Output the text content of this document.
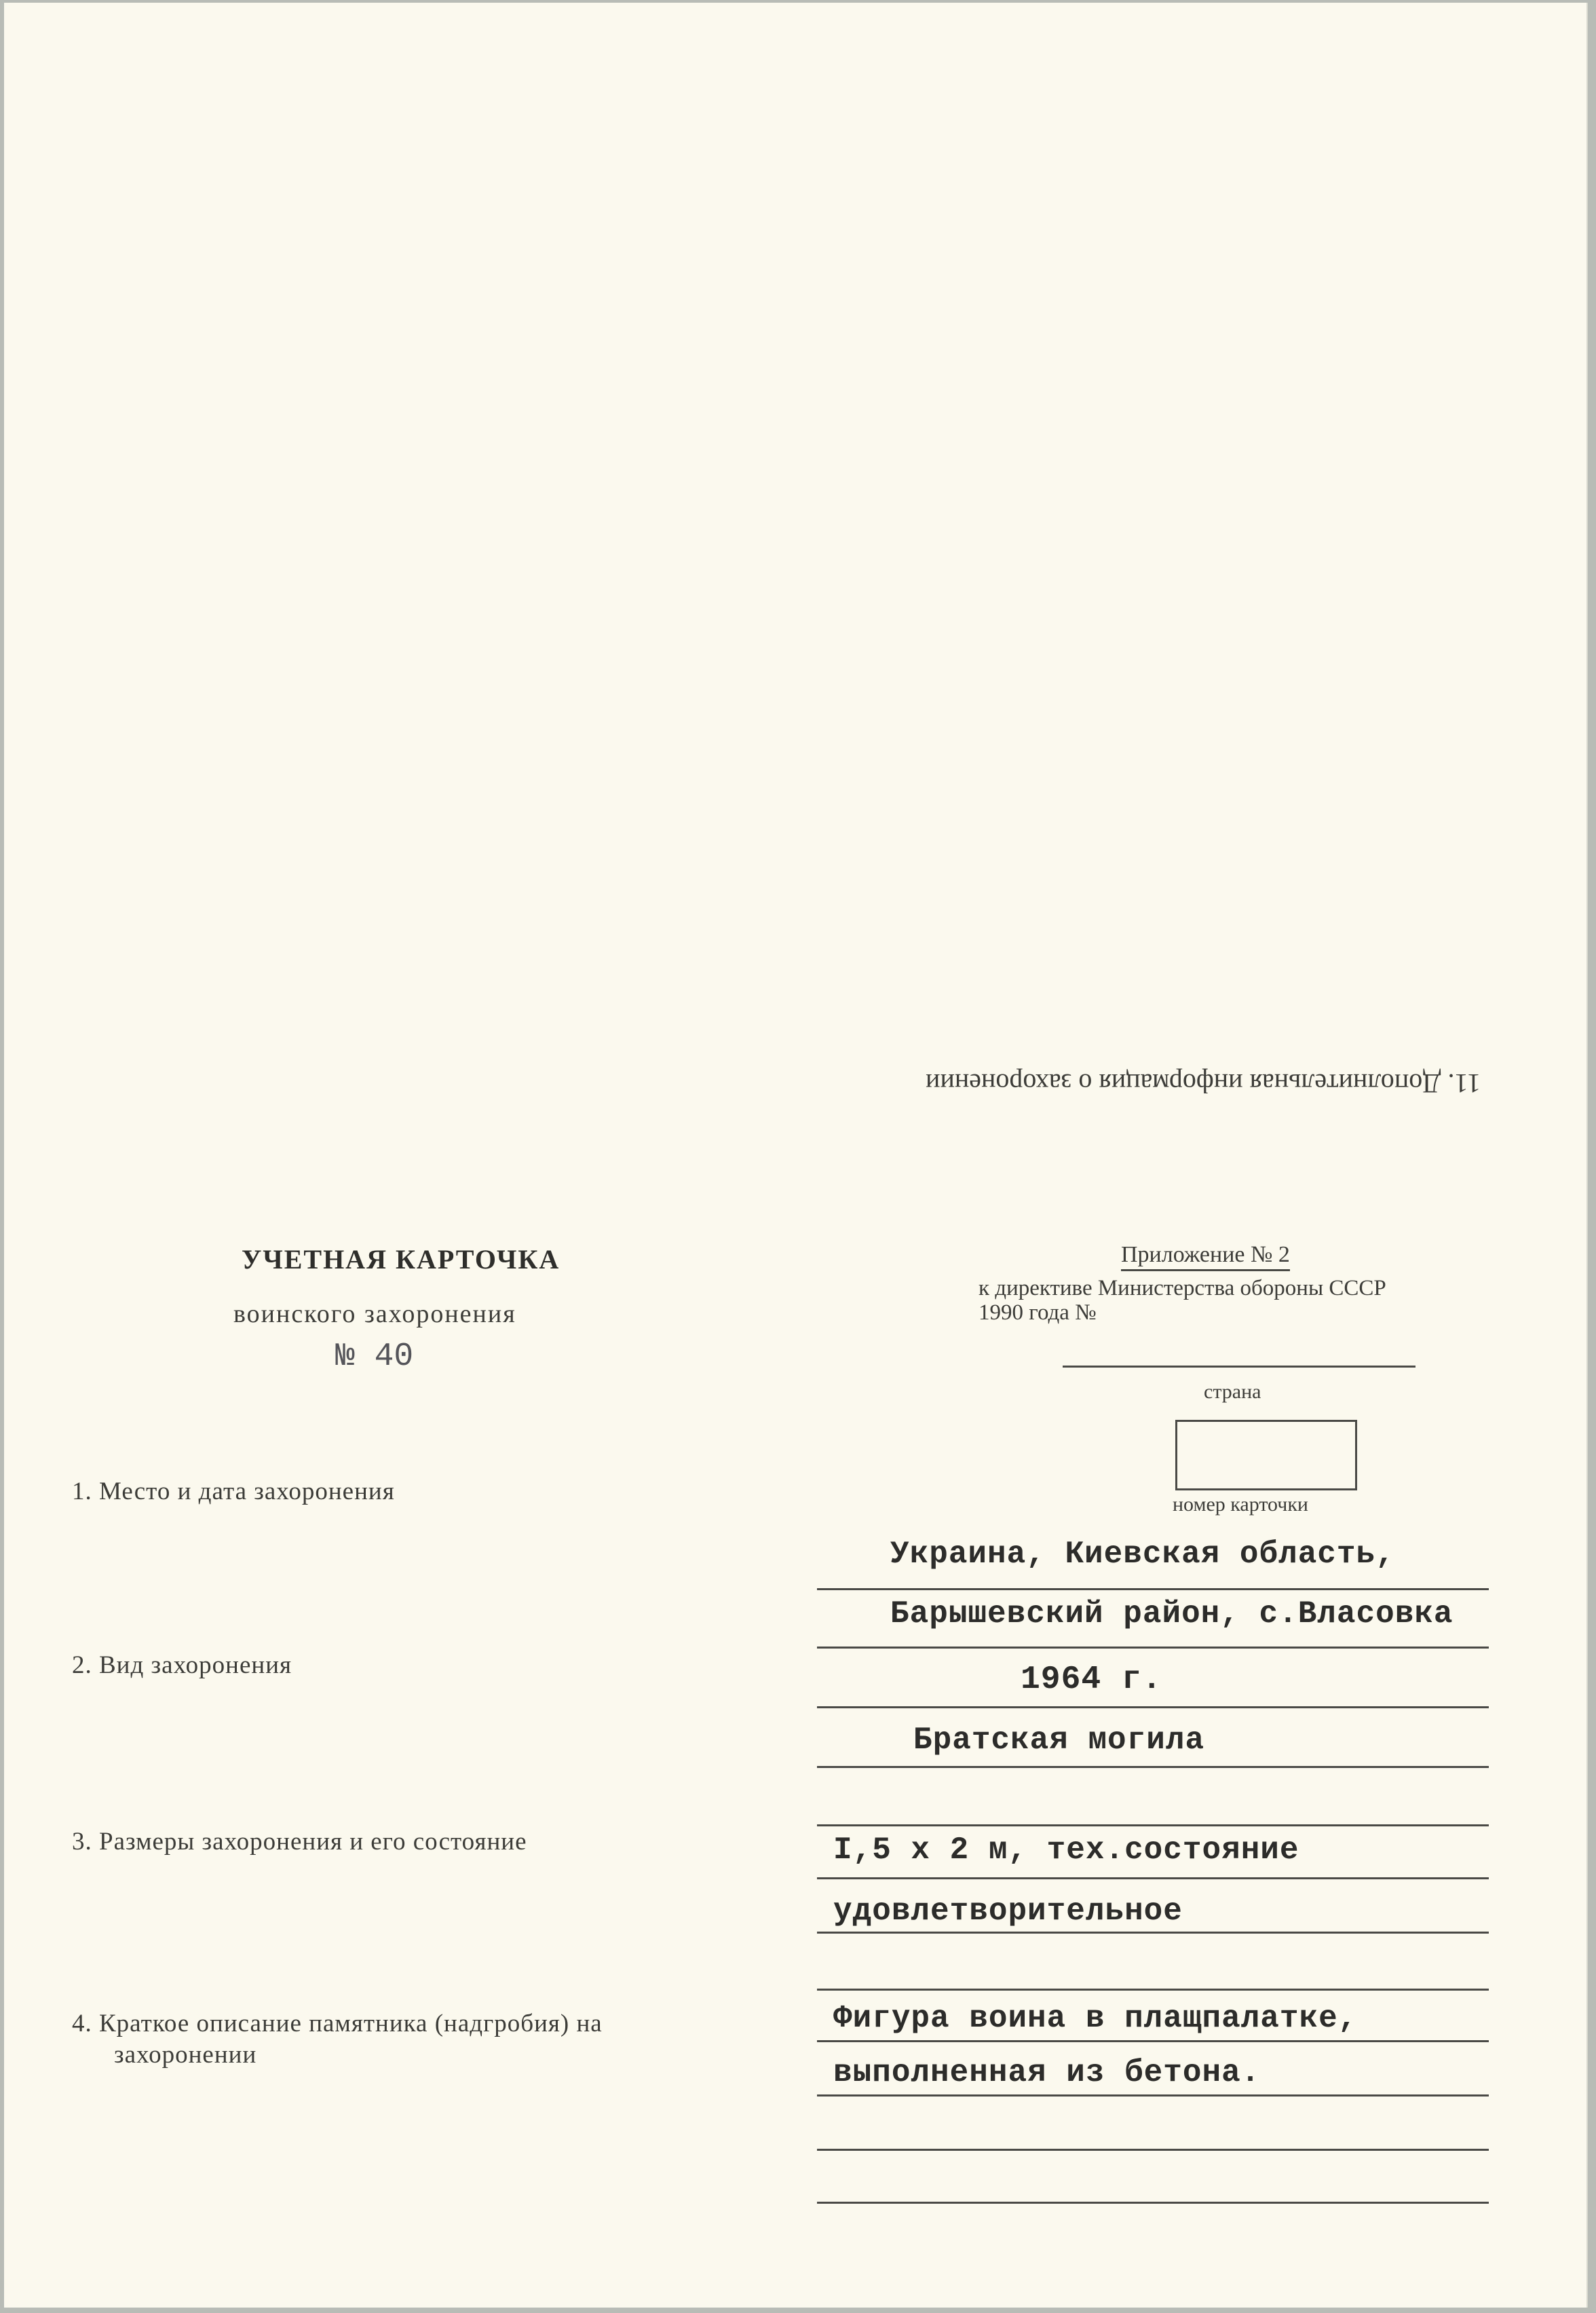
11. Дополнительная информация о захоронении
УЧЕТНАЯ КАРТОЧКА
воинского захоронения
№ 40
Приложение № 2
к директиве Министерства обороны СССР
1990 года №
страна
номер карточки
1. Место и дата захоронения
Украина, Киевская область,
Барышевский район, с.Власовка
1964 г.
2. Вид захоронения
Братская могила
3. Размеры захоронения и его состояние	I,5 х 2 м, тех.состояние
удовлетворительное
4. Краткое описание памятника (надгробия) на
захоронении
Фигура воина в плащпалатке,
выполненная из бетона.
